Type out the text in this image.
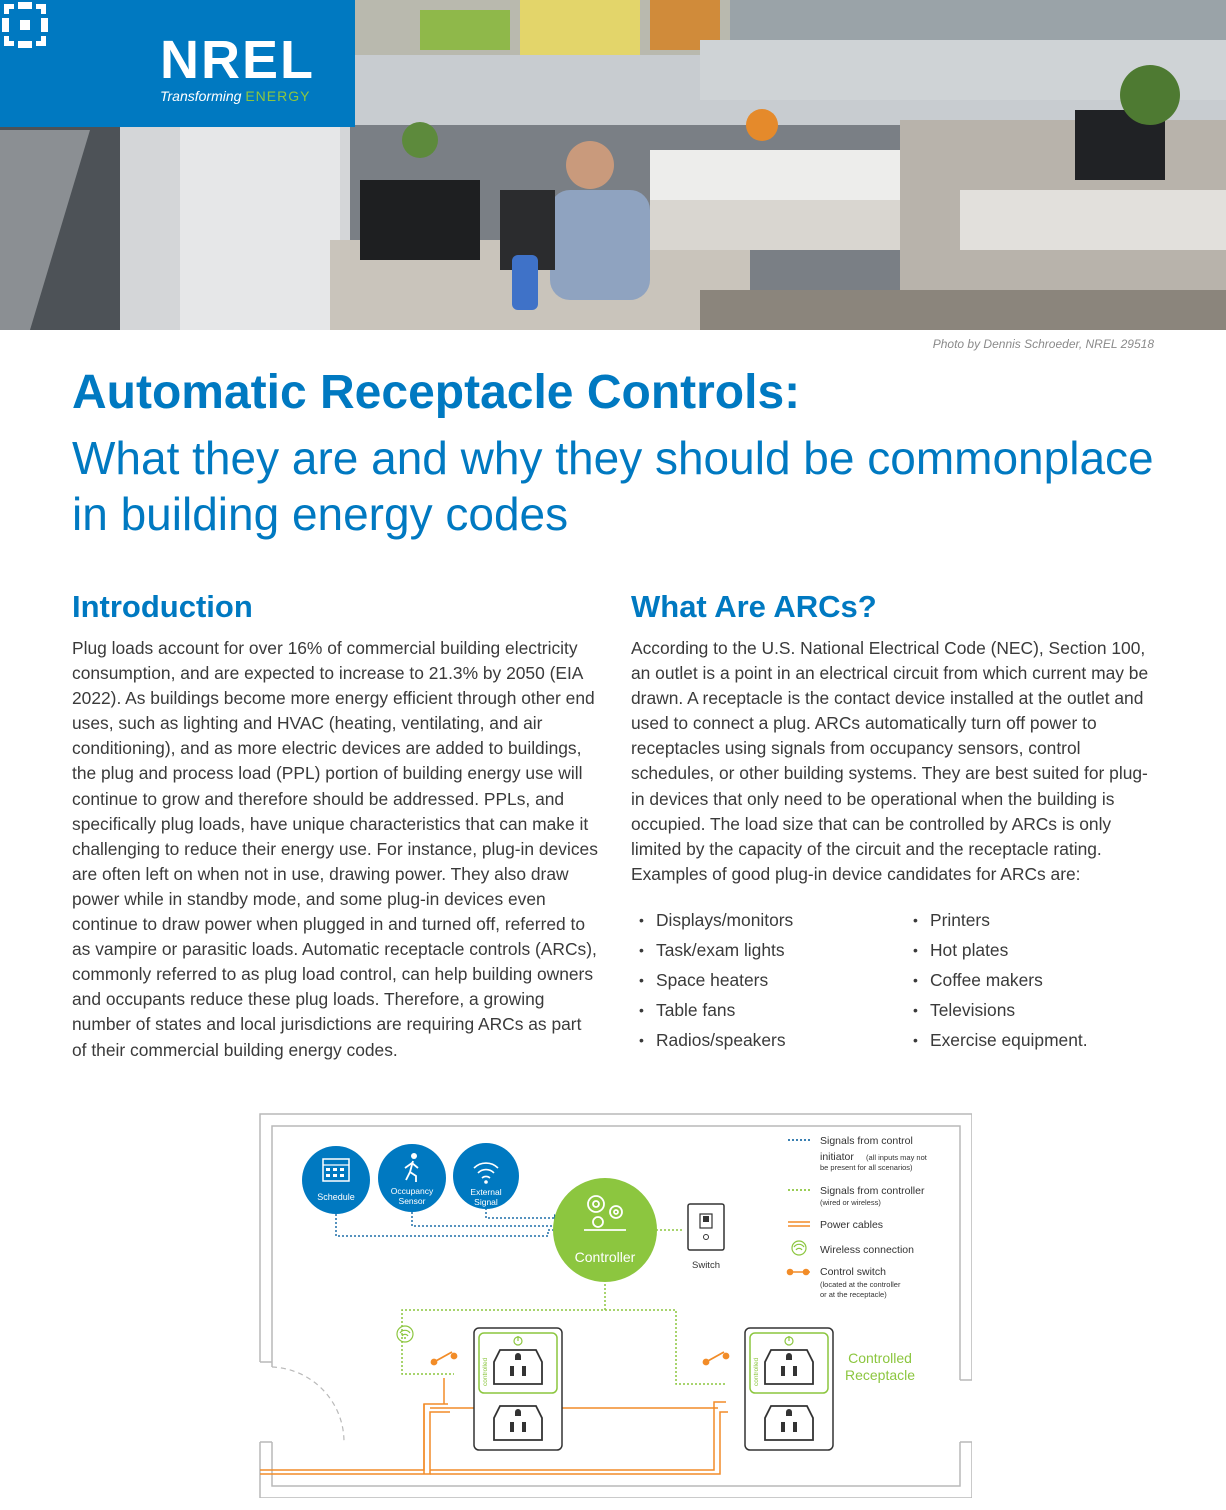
NREL
Transforming ENERGY
Photo by Dennis Schroeder, NREL 29518
Automatic Receptacle Controls:
What they are and why they should be commonplace in building energy codes
Introduction
Plug loads account for over 16% of commercial building electricity consumption, and are expected to increase to 21.3% by 2050 (EIA 2022). As buildings become more energy efficient through other end uses, such as lighting and HVAC (heating, ventilating, and air conditioning), and as more electric devices are added to buildings, the plug and process load (PPL) portion of building energy use will continue to grow and therefore should be addressed. PPLs, and specifically plug loads, have unique characteristics that can make it challenging to reduce their energy use. For instance, plug-in devices are often left on when not in use, drawing power. They also draw power while in standby mode, and some plug-in devices even continue to draw power when plugged in and turned off, referred to as vampire or parasitic loads. Automatic receptacle controls (ARCs), commonly referred to as plug load control, can help building owners and occupants reduce these plug loads. Therefore, a growing number of states and local jurisdictions are requiring ARCs as part of their commercial building energy codes.
What Are ARCs?
According to the U.S. National Electrical Code (NEC), Section 100, an outlet is a point in an electrical circuit from which current may be drawn. A receptacle is the contact device installed at the outlet and used to connect a plug. ARCs automatically turn off power to receptacles using signals from occupancy sensors, control schedules, or other building systems. They are best suited for plug-in devices that only need to be operational when the building is occupied. The load size that can be controlled by ARCs is only limited by the capacity of the circuit and the receptacle rating. Examples of good plug-in device candidates for ARCs are:
• Displays/monitors
• Task/exam lights
• Space heaters
• Table fans
• Radios/speakers
• Printers
• Hot plates
• Coffee makers
• Televisions
• Exercise equipment.
Schedule
Occupancy
Sensor
External
Signal
Controller
Switch
controlled	controlled	Controlled
Receptacle
Signals from control
initiator (all inputs may not
be present for all scenarios)
Signals from controller
(wired or wireless)
Power cables
Wireless connection
Control switch
(located at the controller
or at the receptacle)
